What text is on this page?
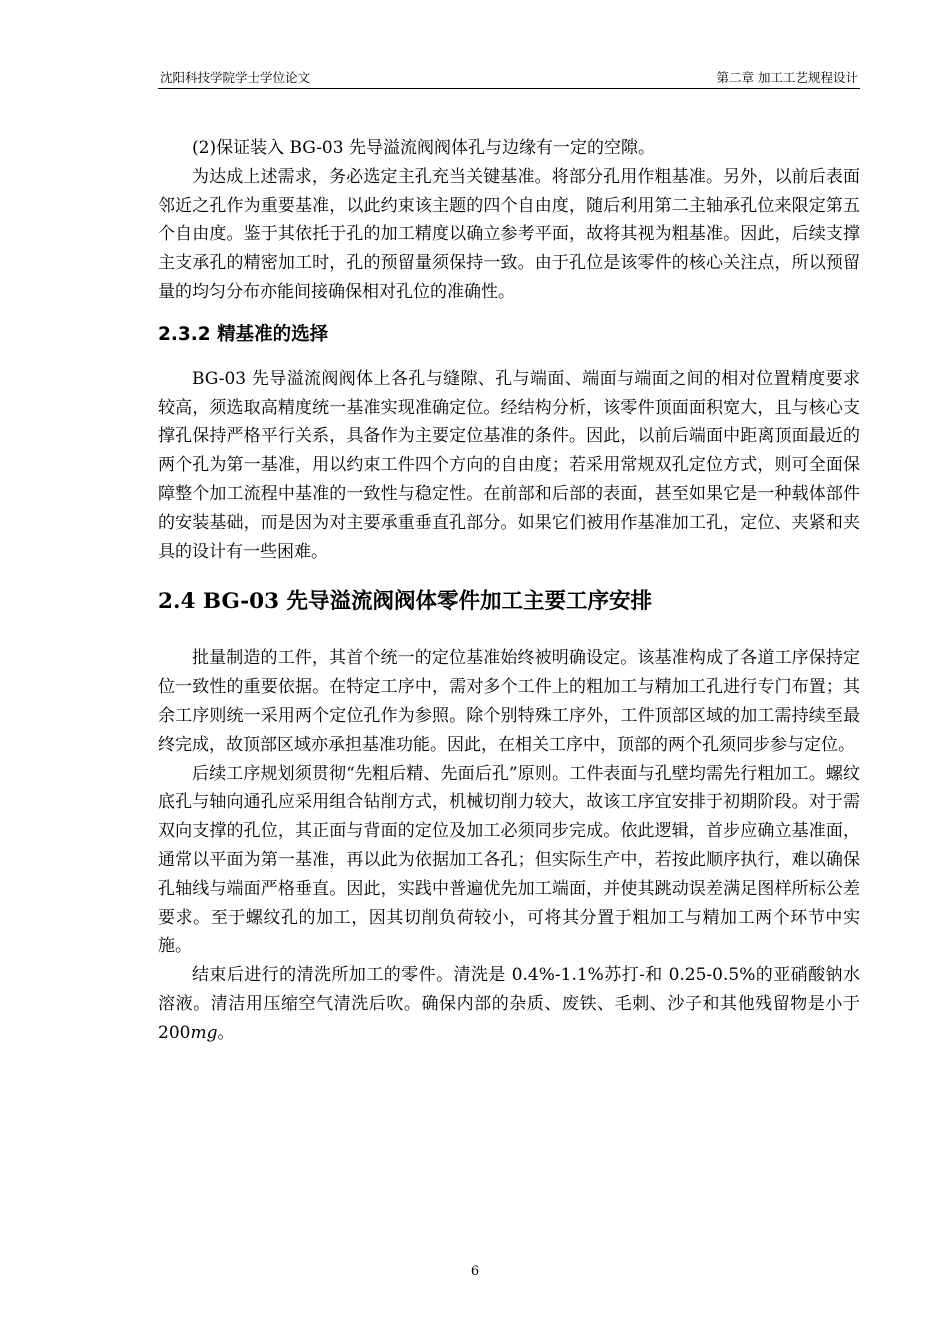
沈阳科技学院学士学位论文	第二章 加工工艺规程设计

(2)保证装入 BG-03 先导溢流阀阀体孔与边缘有一定的空隙。

为达成上述需求，务必选定主孔充当关键基准。将部分孔用作粗基准。另外，以前后表面邻近之孔作为重要基准，以此约束该主题的四个自由度，随后利用第二主轴承孔位来限定第五个自由度。鉴于其依托于孔的加工精度以确立参考平面，故将其视为粗基准。因此，后续支撑主支承孔的精密加工时，孔的预留量须保持一致。由于孔位是该零件的核心关注点，所以预留量的均匀分布亦能间接确保相对孔位的准确性。

2.3.2 精基准的选择

BG-03 先导溢流阀阀体上各孔与缝隙、孔与端面、端面与端面之间的相对位置精度要求较高，须选取高精度统一基准实现准确定位。经结构分析，该零件顶面面积宽大，且与核心支撑孔保持严格平行关系，具备作为主要定位基准的条件。因此，以前后端面中距离顶面最近的两个孔为第一基准，用以约束工件四个方向的自由度；若采用常规双孔定位方式，则可全面保障整个加工流程中基准的一致性与稳定性。在前部和后部的表面，甚至如果它是一种载体部件的安装基础，而是因为对主要承重垂直孔部分。如果它们被用作基准加工孔，定位、夹紧和夹具的设计有一些困难。

2.4 BG-03 先导溢流阀阀体零件加工主要工序安排

批量制造的工件，其首个统一的定位基准始终被明确设定。该基准构成了各道工序保持定位一致性的重要依据。在特定工序中，需对多个工件上的粗加工与精加工孔进行专门布置；其余工序则统一采用两个定位孔作为参照。除个别特殊工序外，工件顶部区域的加工需持续至最终完成，故顶部区域亦承担基准功能。因此，在相关工序中，顶部的两个孔须同步参与定位。

后续工序规划须贯彻“先粗后精、先面后孔”原则。工件表面与孔壁均需先行粗加工。螺纹底孔与轴向通孔应采用组合钻削方式，机械切削力较大，故该工序宜安排于初期阶段。对于需双向支撑的孔位，其正面与背面的定位及加工必须同步完成。依此逻辑，首步应确立基准面，通常以平面为第一基准，再以此为依据加工各孔；但实际生产中，若按此顺序执行，难以确保孔轴线与端面严格垂直。因此，实践中普遍优先加工端面，并使其跳动误差满足图样所标公差要求。至于螺纹孔的加工，因其切削负荷较小，可将其分置于粗加工与精加工两个环节中实施。

结束后进行的清洗所加工的零件。清洗是 0.4%-1.1%苏打-和 0.25-0.5%的亚硝酸钠水溶液。清洁用压缩空气清洗后吹。确保内部的杂质、废铁、毛刺、沙子和其他残留物是小于200mg。

6
